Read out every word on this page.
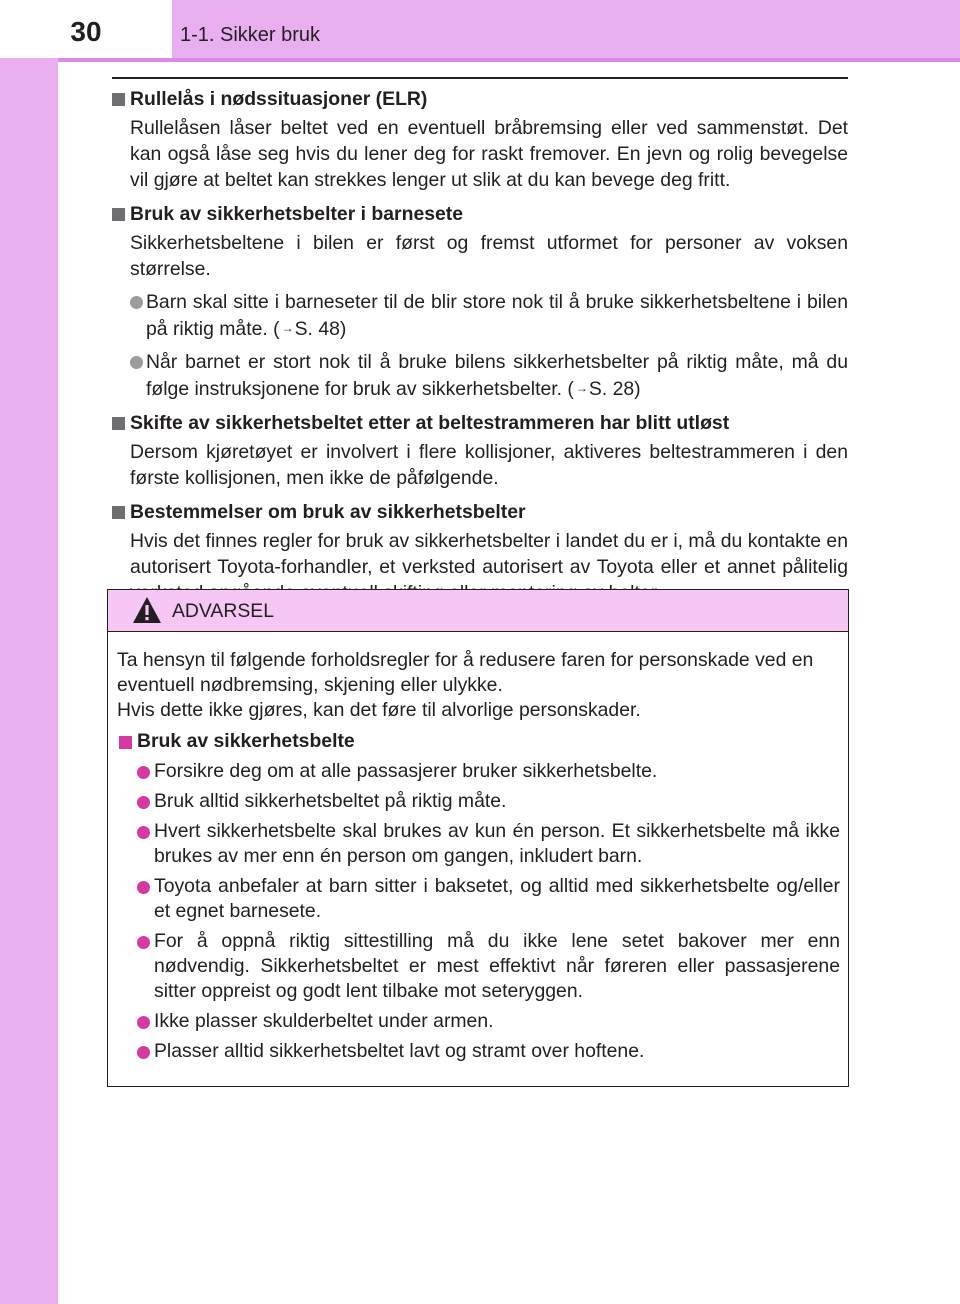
30	1-1. Sikker bruk
Rullelås i nødssituasjoner (ELR)
Rullelåsen låser beltet ved en eventuell bråbremsing eller ved sammenstøt. Det kan også låse seg hvis du lener deg for raskt fremover. En jevn og rolig bevegelse vil gjøre at beltet kan strekkes lenger ut slik at du kan bevege deg fritt.
Bruk av sikkerhetsbelter i barnesete
Sikkerhetsbeltene i bilen er først og fremst utformet for personer av voksen størrelse.
Barn skal sitte i barneseter til de blir store nok til å bruke sikkerhetsbeltene i bilen på riktig måte. ( →S. 48)
Når barnet er stort nok til å bruke bilens sikkerhetsbelter på riktig måte, må du følge instruksjonene for bruk av sikkerhetsbelter. ( →S. 28)
Skifte av sikkerhetsbeltet etter at beltestrammeren har blitt utløst
Dersom kjøretøyet er involvert i flere kollisjoner, aktiveres beltestrammeren i den første kollisjonen, men ikke de påfølgende.
Bestemmelser om bruk av sikkerhetsbelter
Hvis det finnes regler for bruk av sikkerhetsbelter i landet du er i, må du kontakte en autorisert Toyota-forhandler, et verksted autorisert av Toyota eller et annet pålitelig
ADVARSEL
Ta hensyn til følgende forholdsregler for å redusere faren for personskade ved en eventuell nødbremsing, skjening eller ulykke.
Hvis dette ikke gjøres, kan det føre til alvorlige personskader.
Bruk av sikkerhetsbelte
Forsikre deg om at alle passasjerer bruker sikkerhetsbelte.
Bruk alltid sikkerhetsbeltet på riktig måte.
Hvert sikkerhetsbelte skal brukes av kun én person. Et sikkerhetsbelte må ikke brukes av mer enn én person om gangen, inkludert barn.
Toyota anbefaler at barn sitter i baksetet, og alltid med sikkerhetsbelte og/eller et egnet barnesete.
For å oppnå riktig sittestilling må du ikke lene setet bakover mer enn nødvendig. Sikkerhetsbeltet er mest effektivt når føreren eller passasjerene sitter oppreist og godt lent tilbake mot seteryggen.
Ikke plasser skulderbeltet under armen.
Plasser alltid sikkerhetsbeltet lavt og stramt over hoftene.
